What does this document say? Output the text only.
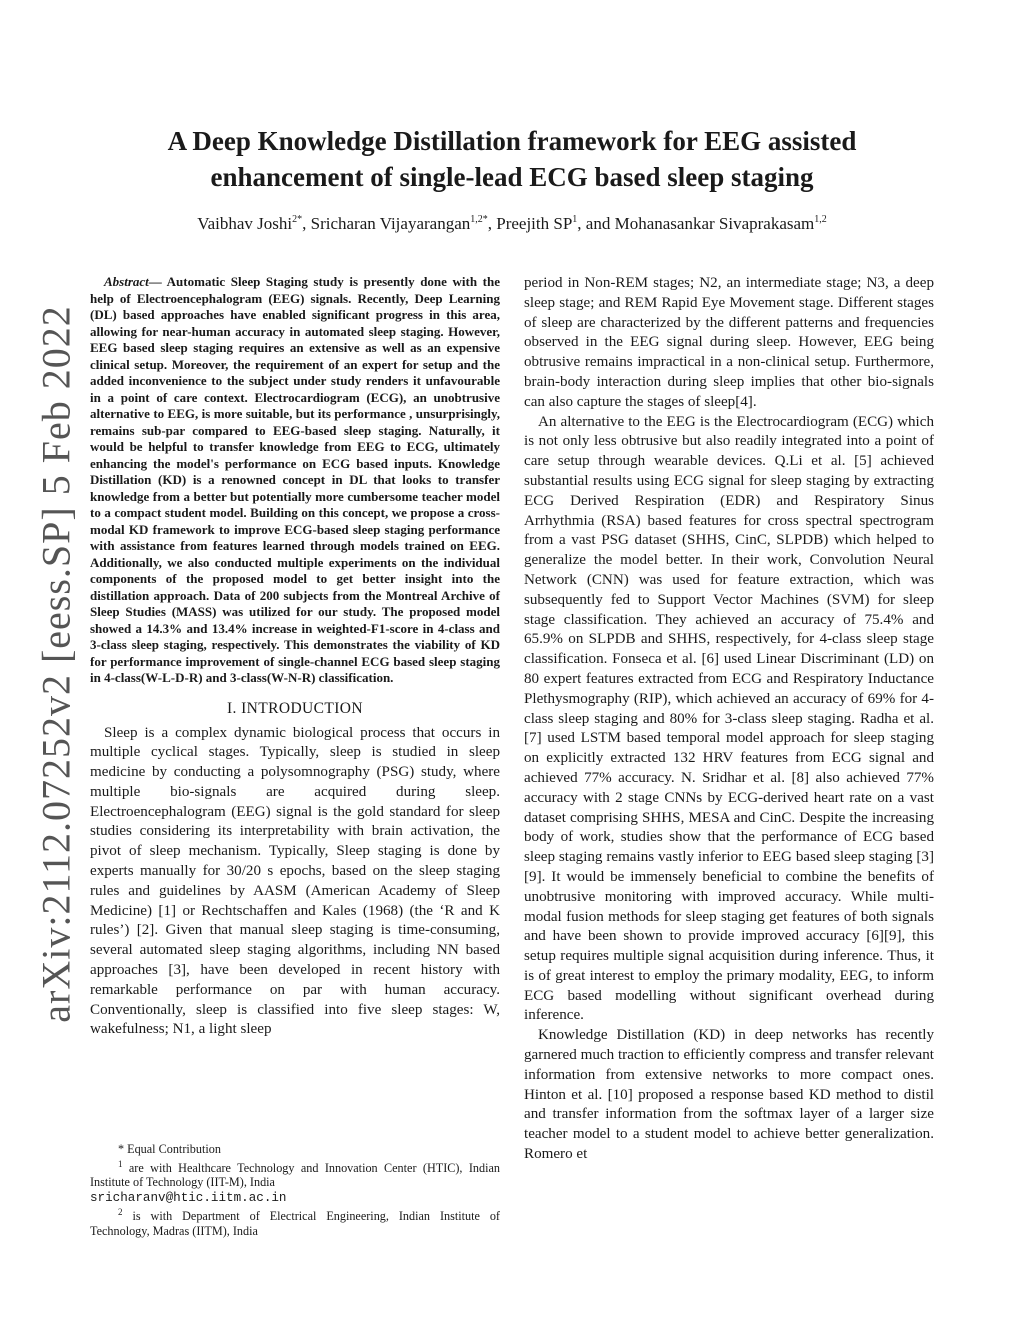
arXiv:2112.07252v2 [eess.SP] 5 Feb 2022
A Deep Knowledge Distillation framework for EEG assisted
enhancement of single-lead ECG based sleep staging

Vaibhav Joshi$^{2*}$, Sricharan Vijayarangan$^{1,2*}$, Preejith $SP^1$, and Mohanasankar Sivaprakasam$^{1,2}$

Abstract— Automatic Sleep Staging study is presently done with the help of Electroencephalogram (EEG) signals. Recently, Deep Learning (DL) based approaches have enabled significant progress in this area, allowing for near-human accuracy in automated sleep staging. However, EEG based sleep staging requires an extensive as well as an expensive clinical setup. Moreover, the requirement of an expert for setup and the added inconvenience to the subject under study renders it unfavourable in a point of care context. Electrocardiogram (ECG), an unobtrusive alternative to EEG, is more suitable, but its performance , unsurprisingly, remains sub-par compared to EEG-based sleep staging. Naturally, it would be helpful to transfer knowledge from EEG to ECG, ultimately enhancing the model's performance on ECG based inputs. Knowledge Distillation (KD) is a renowned concept in DL that looks to transfer knowledge from a better but potentially more cumbersome teacher model to a compact student model. Building on this concept, we propose a cross-modal KD framework to improve ECG-based sleep staging performance with assistance from features learned through models trained on EEG. Additionally, we also conducted multiple experiments on the individual components of the proposed model to get better insight into the distillation approach. Data of 200 subjects from the Montreal Archive of Sleep Studies (MASS) was utilized for our study. The proposed model showed a 14.3% and 13.4% increase in weighted-F1-score in 4-class and 3-class sleep staging, respectively. This demonstrates the viability of KD for performance improvement of single-channel ECG based sleep staging in 4-class(W-L-D-R) and 3-class(W-N-R) classification.

I. INTRODUCTION

Sleep is a complex dynamic biological process that occurs in multiple cyclical stages. Typically, sleep is studied in sleep medicine by conducting a polysomnography (PSG) study, where multiple bio-signals are acquired during sleep. Electroencephalogram (EEG) signal is the gold standard for sleep studies considering its interpretability with brain activation, the pivot of sleep mechanism. Typically, Sleep staging is done by experts manually for 30/20 s epochs, based on the sleep staging rules and guidelines by AASM (American Academy of Sleep Medicine) [1] or Rechtschaffen and Kales (1968) (the ‘R and K rules’) [2]. Given that manual sleep staging is time-consuming, several automated sleep staging algorithms, including NN based approaches [3], have been developed in recent history with remarkable performance on par with human accuracy. Conventionally, sleep is classified into five sleep stages: W, wakefulness; N1, a light sleep

period in Non-REM stages; N2, an intermediate stage; N3, a deep sleep stage; and REM Rapid Eye Movement stage. Different stages of sleep are characterized by the different patterns and frequencies observed in the EEG signal during sleep. However, EEG being obtrusive remains impractical in a non-clinical setup. Furthermore, brain-body interaction during sleep implies that other bio-signals can also capture the stages of sleep[4].

An alternative to the EEG is the Electrocardiogram (ECG) which is not only less obtrusive but also readily integrated into a point of care setup through wearable devices. Q.Li et al. [5] achieved substantial results using ECG signal for sleep staging by extracting ECG Derived Respiration (EDR) and Respiratory Sinus Arrhythmia (RSA) based features for cross spectral spectrogram from a vast PSG dataset (SHHS, CinC, SLPDB) which helped to generalize the model better. In their work, Convolution Neural Network (CNN) was used for feature extraction, which was subsequently fed to Support Vector Machines (SVM) for sleep stage classification. They achieved an accuracy of 75.4% and 65.9% on SLPDB and SHHS, respectively, for 4-class sleep stage classification. Fonseca et al. [6] used Linear Discriminant (LD) on 80 expert features extracted from ECG and Respiratory Inductance Plethysmography (RIP), which achieved an accuracy of 69% for 4-class sleep staging and 80% for 3-class sleep staging. Radha et al. [7] used LSTM based temporal model approach for sleep staging on explicitly extracted 132 HRV features from ECG signal and achieved 77% accuracy. N. Sridhar et al. [8] also achieved 77% accuracy with 2 stage CNNs by ECG-derived heart rate on a vast dataset comprising SHHS, MESA and CinC. Despite the increasing body of work, studies show that the performance of ECG based sleep staging remains vastly inferior to EEG based sleep staging [3][9]. It would be immensely beneficial to combine the benefits of unobtrusive monitoring with improved accuracy. While multi-modal fusion methods for sleep staging get features of both signals and have been shown to provide improved accuracy [6][9], this setup requires multiple signal acquisition during inference. Thus, it is of great interest to employ the primary modality, EEG, to inform ECG based modelling without significant overhead during inference.

Knowledge Distillation (KD) in deep networks has recently garnered much traction to efficiently compress and transfer relevant information from extensive networks to more compact ones. Hinton et al. [10] proposed a response based KD method to distil and transfer information from the softmax layer of a larger size teacher model to a student model to achieve better generalization. Romero et

* Equal Contribution

$^1$ are with Healthcare Technology and Innovation Center (HTIC), Indian Institute of Technology (IIT-M), India
sricharanv@htic.iitm.ac.in

$^2$ is with Department of Electrical Engineering, Indian Institute of Technology, Madras (IITM), India
